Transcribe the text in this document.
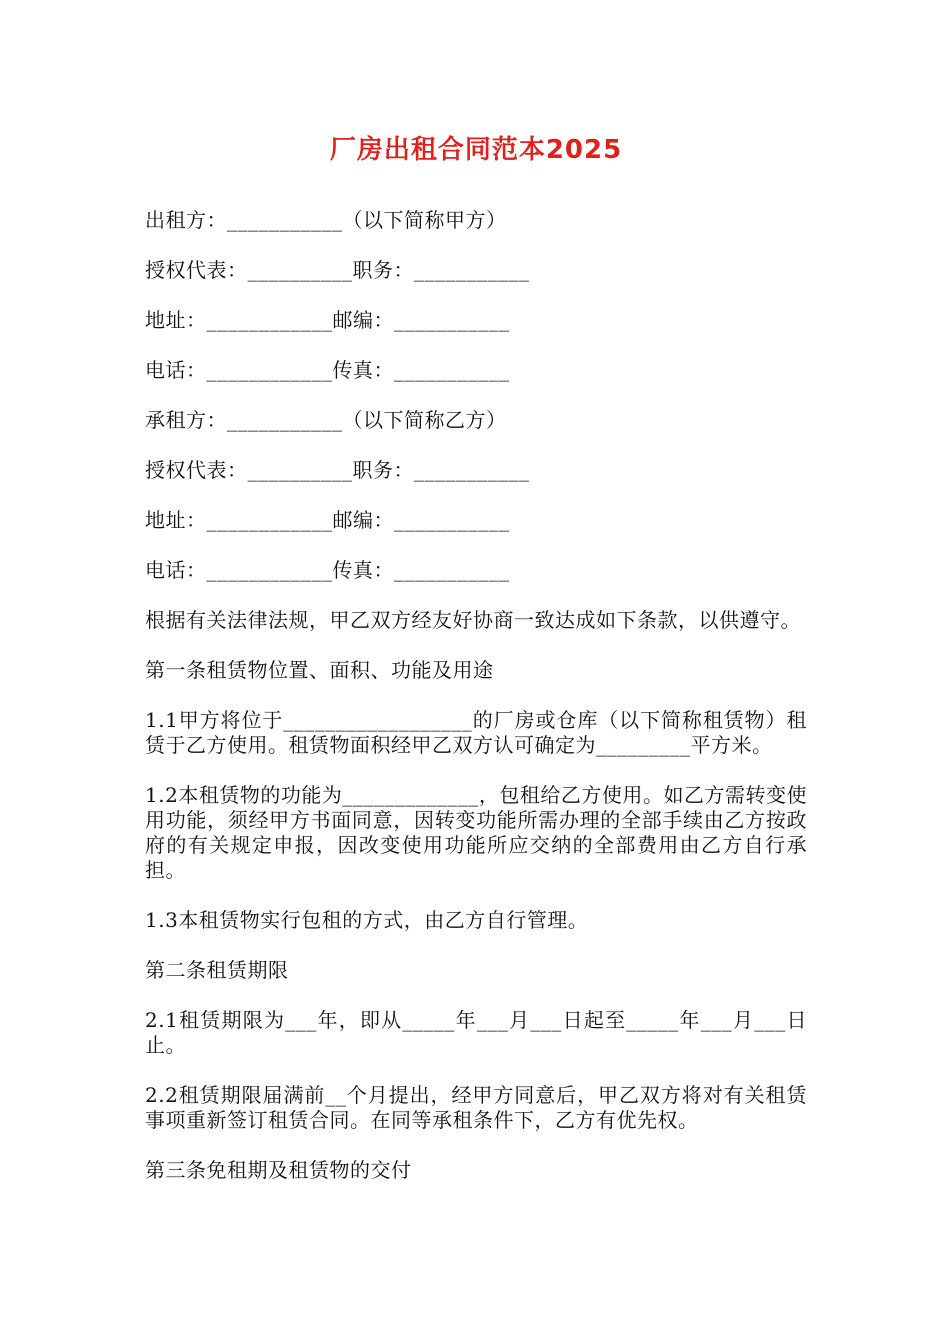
厂房出租合同范本2025
出租方：___________（以下简称甲方）
授权代表：__________职务：___________
地址：____________邮编：___________
电话：____________传真：___________
承租方：___________（以下简称乙方）
授权代表：__________职务：___________
地址：____________邮编：___________
电话：____________传真：___________
根据有关法律法规，甲乙双方经友好协商一致达成如下条款，以供遵守。
第一条租赁物位置、面积、功能及用途
1.1甲方将位于__________________的厂房或仓库（以下简称租赁物）租赁于乙方使用。租赁物面积经甲乙双方认可确定为_________平方米。
1.2本租赁物的功能为_____________，包租给乙方使用。如乙方需转变使用功能，须经甲方书面同意，因转变功能所需办理的全部手续由乙方按政府的有关规定申报，因改变使用功能所应交纳的全部费用由乙方自行承担。
1.3本租赁物实行包租的方式，由乙方自行管理。
第二条租赁期限
2.1租赁期限为___年，即从_____年___月___日起至_____年___月___日止。
2.2租赁期限届满前__个月提出，经甲方同意后，甲乙双方将对有关租赁事项重新签订租赁合同。在同等承租条件下，乙方有优先权。
第三条免租期及租赁物的交付
